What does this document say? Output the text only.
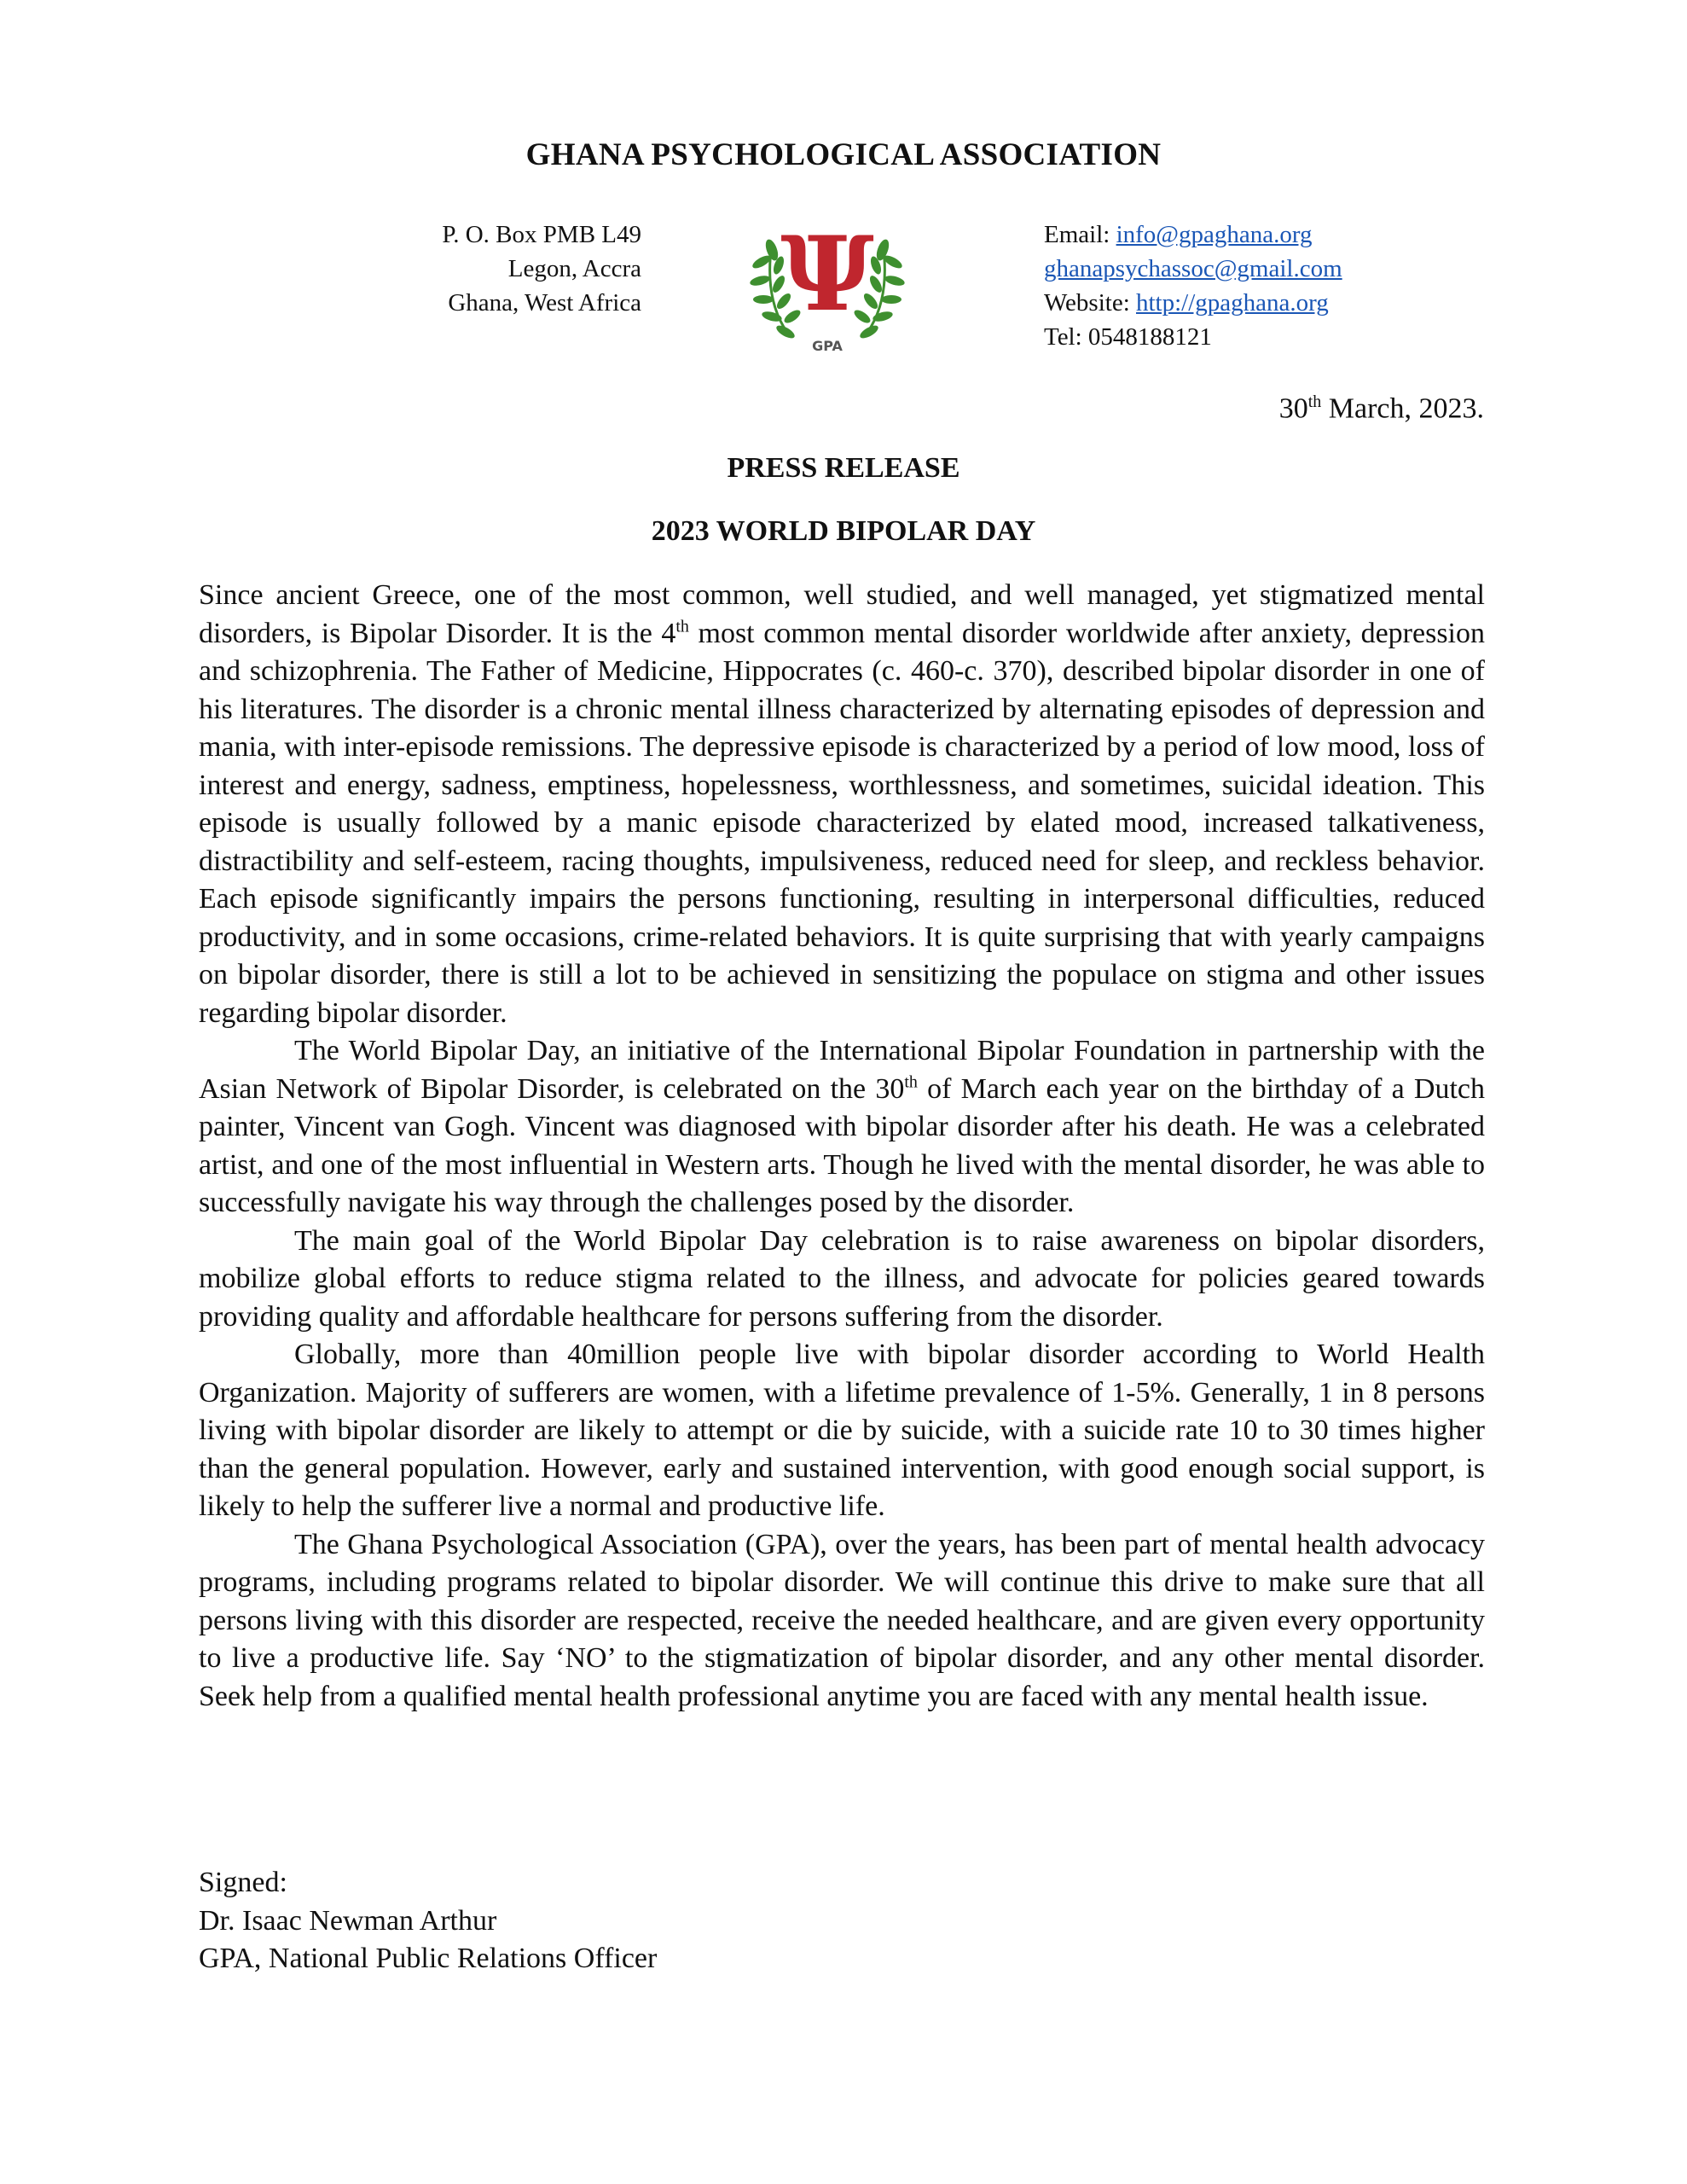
GHANA PSYCHOLOGICAL ASSOCIATION
P. O. Box PMB L49
Legon, Accra
Ghana, West Africa Ψ
GPA
Email: info@gpaghana.org
ghanapsychassoc@gmail.com
Website: http://gpaghana.org
Tel: 0548188121
30th March, 2023.
PRESS RELEASE
2023 WORLD BIPOLAR DAY

Since ancient Greece, one of the most common, well studied, and well managed, yet stigmatized mental disorders, is Bipolar Disorder. It is the 4th most common mental disorder worldwide after anxiety, depression and schizophrenia. The Father of Medicine, Hippocrates (c. 460-c. 370), described bipolar disorder in one of his literatures. The disorder is a chronic mental illness characterized by alternating episodes of depression and mania, with inter-episode remissions. The depressive episode is characterized by a period of low mood, loss of interest and energy, sadness, emptiness, hopelessness, worthlessness, and sometimes, suicidal ideation. This episode is usually followed by a manic episode characterized by elated mood, increased talkativeness, distractibility and self-esteem, racing thoughts, impulsiveness, reduced need for sleep, and reckless behavior. Each episode significantly impairs the persons functioning, resulting in interpersonal difficulties, reduced productivity, and in some occasions, crime-related behaviors. It is quite surprising that with yearly campaigns on bipolar disorder, there is still a lot to be achieved in sensitizing the populace on stigma and other issues regarding bipolar disorder.

The World Bipolar Day, an initiative of the International Bipolar Foundation in partnership with the Asian Network of Bipolar Disorder, is celebrated on the 30th of March each year on the birthday of a Dutch painter, Vincent van Gogh. Vincent was diagnosed with bipolar disorder after his death. He was a celebrated artist, and one of the most influential in Western arts. Though he lived with the mental disorder, he was able to successfully navigate his way through the challenges posed by the disorder.

The main goal of the World Bipolar Day celebration is to raise awareness on bipolar disorders, mobilize global efforts to reduce stigma related to the illness, and advocate for policies geared towards providing quality and affordable healthcare for persons suffering from the disorder.

Globally, more than 40million people live with bipolar disorder according to World Health Organization. Majority of sufferers are women, with a lifetime prevalence of 1-5%. Generally, 1 in 8 persons living with bipolar disorder are likely to attempt or die by suicide, with a suicide rate 10 to 30 times higher than the general population. However, early and sustained intervention, with good enough social support, is likely to help the sufferer live a normal and productive life.

The Ghana Psychological Association (GPA), over the years, has been part of mental health advocacy programs, including programs related to bipolar disorder. We will continue this drive to make sure that all persons living with this disorder are respected, receive the needed healthcare, and are given every opportunity to live a productive life. Say ‘NO’ to the stigmatization of bipolar disorder, and any other mental disorder. Seek help from a qualified mental health professional anytime you are faced with any mental health issue.

Signed:
Dr. Isaac Newman Arthur
GPA, National Public Relations Officer
